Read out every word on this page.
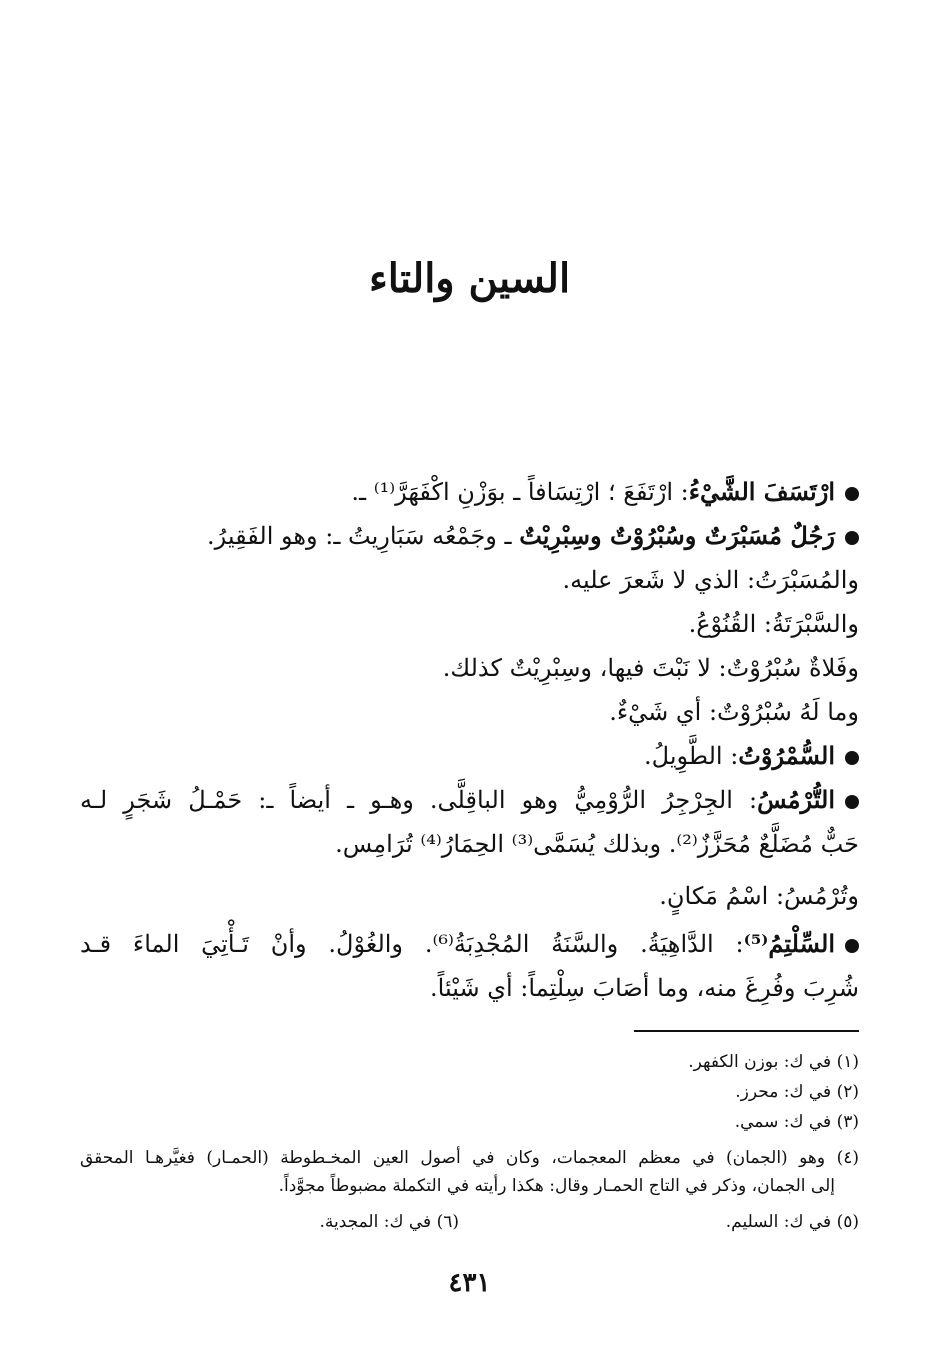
السين والتاء
ارْتَسَفَ الشَّيْءُ: ارْتَفَعَ ؛ ارْتِسَافاً ـ بوَزْنِ اكْفَهَرَّ⁽¹⁾ ـ.
رَجُلٌ مُسَبْرَتٌ وسُبْرُوْتٌ وسِبْرِيْتٌ ـ وجَمْعُه سَبَارِيتُ ـ: وهو الفَقِيرُ.
والمُسَبْرَتُ: الذي لا شَعرَ عليه.
والسَّبْرَتَةُ: القُنُوْعُ.
وفَلاةٌ سُبْرُوْتٌ: لا نَبْتَ فيها، وسِبْرِيْتٌ كذلك.
وما لَهُ سُبْرُوْتٌ: أي شَيْءٌ.
السُّمْرُوْتُ: الطَّوِيلُ.
التُّرْمُسُ: الجِرْجِرُ الرُّوْمِيُّ وهو الباقِلَّى. وهـو ـ أيضاً ـ: حَمْـلُ شَجَرٍ لـه
حَبٌّ مُضَلَّعٌ مُحَزَّزٌ⁽²⁾. وبذلك يُسَمَّى⁽³⁾ الحِمَارُ⁽⁴⁾ تُرَامِس.
وتُرْمُسُ: اسْمُ مَكانٍ.
السِّلْتِمُ⁽⁵⁾: الدَّاهِيَةُ. والسَّنَةُ المُجْدِبَةُ⁽⁶⁾. والغُوْلُ. وأنْ تَـأْتِيَ الماءَ قـد
شُرِبَ وفُرِغَ منه، وما أصَابَ سِلْتِماً: أي شَيْئاً.
(١) في ك: بوزن الكفهر.
(٢) في ك: محرز.
(٣) في ك: سمي.
(٤) وهو (الجمان) في معظم المعجمات، وكان في أصول العين المخـطوطة (الحمـار) فغيَّرهـا المحقق
إلى الجمان، وذكر في التاج الحمـار وقال: هكذا رأيته في التكملة مضبوطاً مجوَّداً.
(٥) في ك: السليم.
(٦) في ك: المجدية.
٤٣١
